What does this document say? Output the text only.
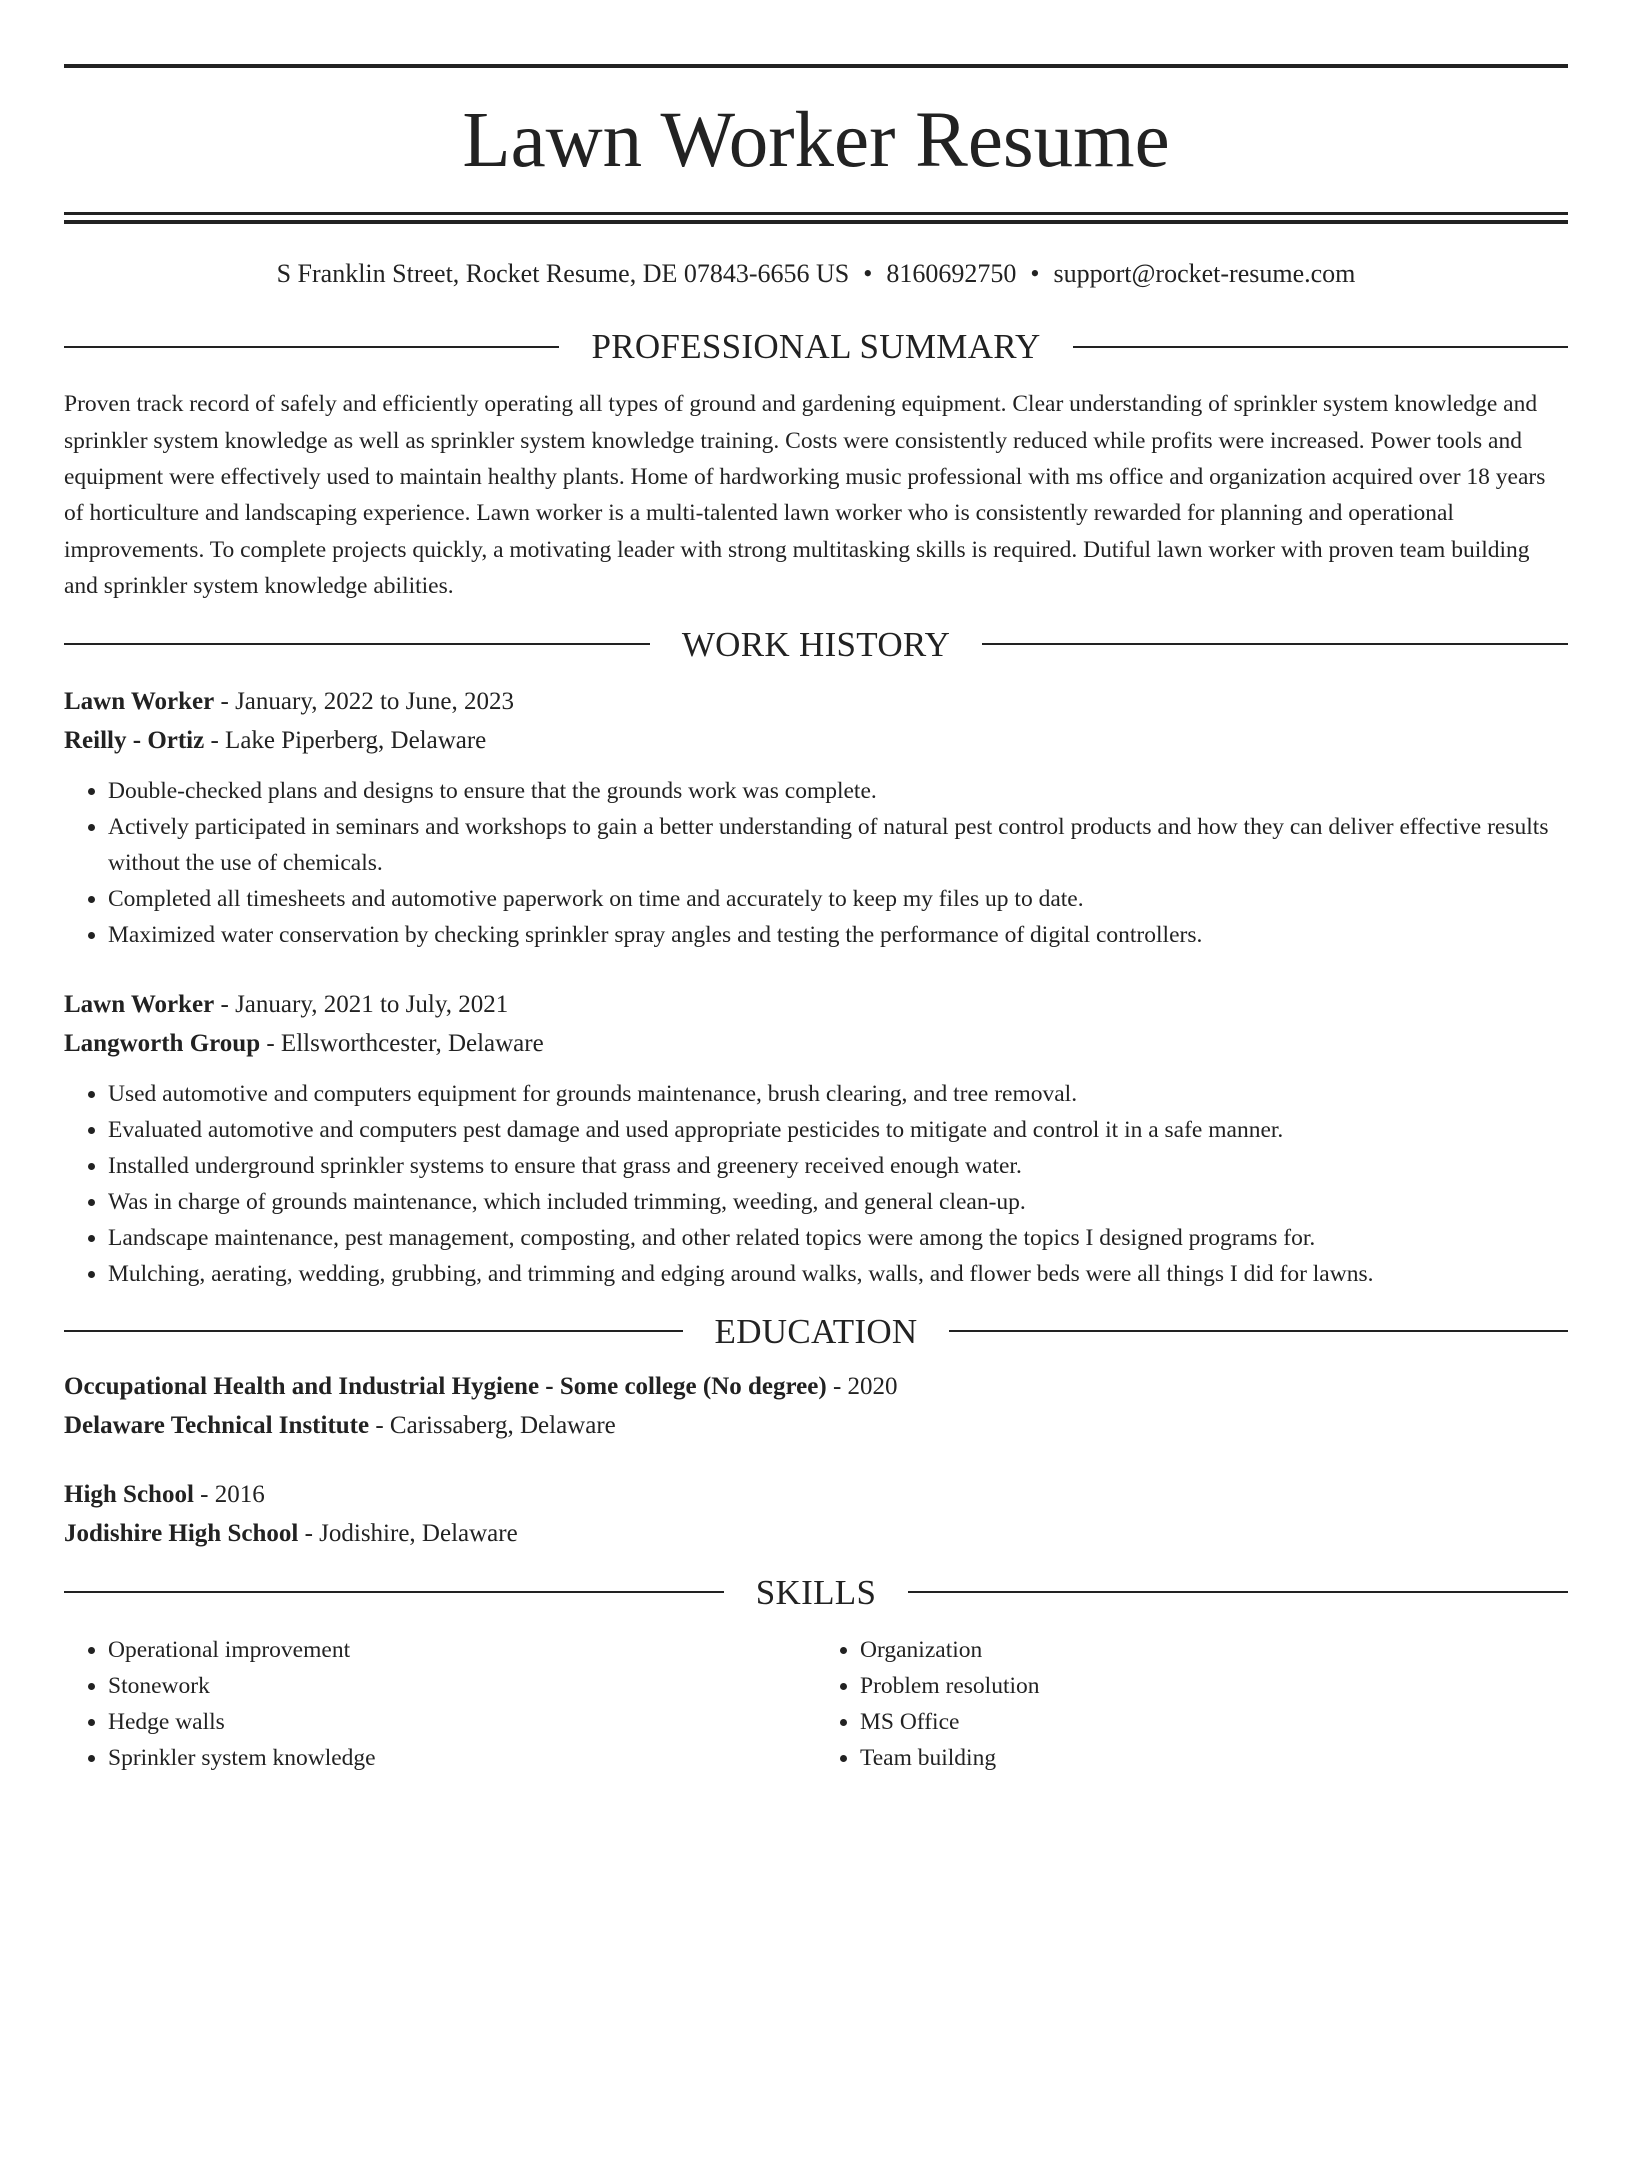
Lawn Worker Resume
S Franklin Street, Rocket Resume, DE 07843-6656 US • 8160692750 • support@rocket-resume.com
PROFESSIONAL SUMMARY

Proven track record of safely and efficiently operating all types of ground and gardening equipment. Clear understanding of sprinkler system knowledge and sprinkler system knowledge as well as sprinkler system knowledge training. Costs were consistently reduced while profits were increased. Power tools and equipment were effectively used to maintain healthy plants. Home of hardworking music professional with ms office and organization acquired over 18 years of horticulture and landscaping experience. Lawn worker is a multi-talented lawn worker who is consistently rewarded for planning and operational improvements. To complete projects quickly, a motivating leader with strong multitasking skills is required. Dutiful lawn worker with proven team building and sprinkler system knowledge abilities.

WORK HISTORY
Lawn Worker - January, 2022 to June, 2023
Reilly - Ortiz - Lake Piperberg, Delaware
• Double-checked plans and designs to ensure that the grounds work was complete.
• Actively participated in seminars and workshops to gain a better understanding of natural pest control products and how they can deliver effective results without the use of chemicals.
• Completed all timesheets and automotive paperwork on time and accurately to keep my files up to date.
• Maximized water conservation by checking sprinkler spray angles and testing the performance of digital controllers.
Lawn Worker - January, 2021 to July, 2021
Langworth Group - Ellsworthcester, Delaware
• Used automotive and computers equipment for grounds maintenance, brush clearing, and tree removal.
• Evaluated automotive and computers pest damage and used appropriate pesticides to mitigate and control it in a safe manner.
• Installed underground sprinkler systems to ensure that grass and greenery received enough water.
• Was in charge of grounds maintenance, which included trimming, weeding, and general clean-up.
• Landscape maintenance, pest management, composting, and other related topics were among the topics I designed programs for.
• Mulching, aerating, wedding, grubbing, and trimming and edging around walks, walls, and flower beds were all things I did for lawns.
EDUCATION
Occupational Health and Industrial Hygiene - Some college (No degree) - 2020
Delaware Technical Institute - Carissaberg, Delaware
High School - 2016
Jodishire High School - Jodishire, Delaware
SKILLS
• Operational improvement
• Stonework
• Hedge walls
• Sprinkler system knowledge
• Organization
• Problem resolution
• MS Office
• Team building
